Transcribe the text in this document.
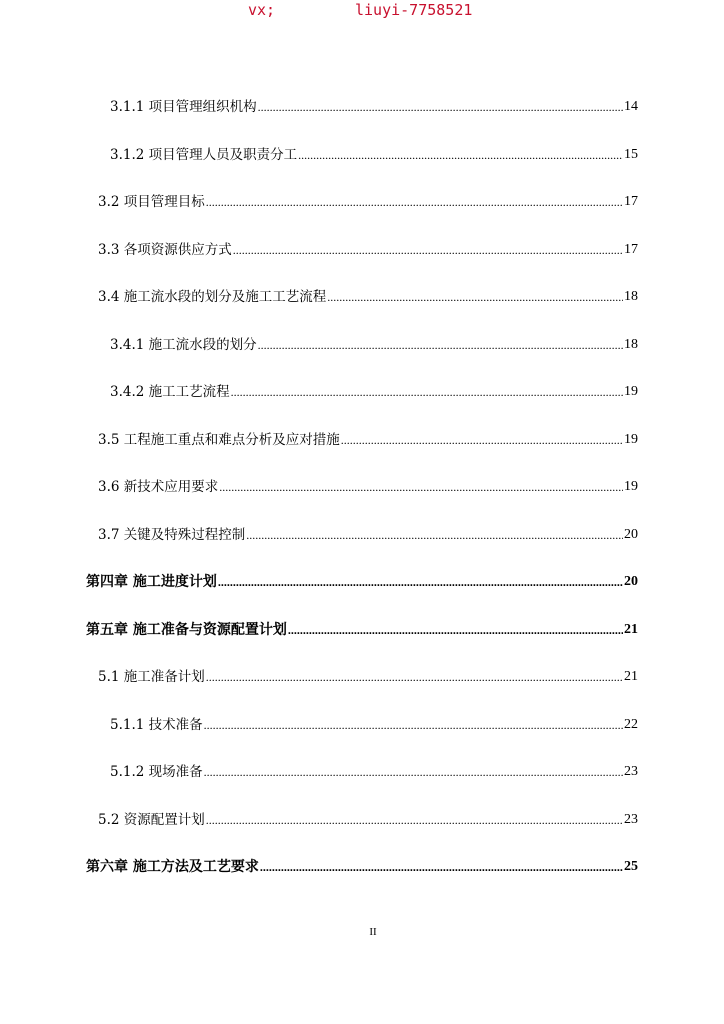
vx;	liuyi-7758521
3.1.1 项目管理组织机构 .....	14
3.1.2 项目管理人员及职责分工 .....	15
3.2 项目管理目标 .....	17
3.3 各项资源供应方式 .....	17
3.4 施工流水段的划分及施工工艺流程 .....	18
3.4.1 施工流水段的划分 .....	18
3.4.2 施工工艺流程 .....	19
3.5 工程施工重点和难点分析及应对措施 .....	19
3.6 新技术应用要求 .....	19
3.7 关键及特殊过程控制 .....	20
第四章 施工进度计划 .....	20
第五章 施工准备与资源配置计划 .....	21
5.1 施工准备计划 .....	21
5.1.1 技术准备 .....	22
5.1.2 现场准备 .....	23
5.2 资源配置计划 .....	23
第六章 施工方法及工艺要求 .....	25
II
